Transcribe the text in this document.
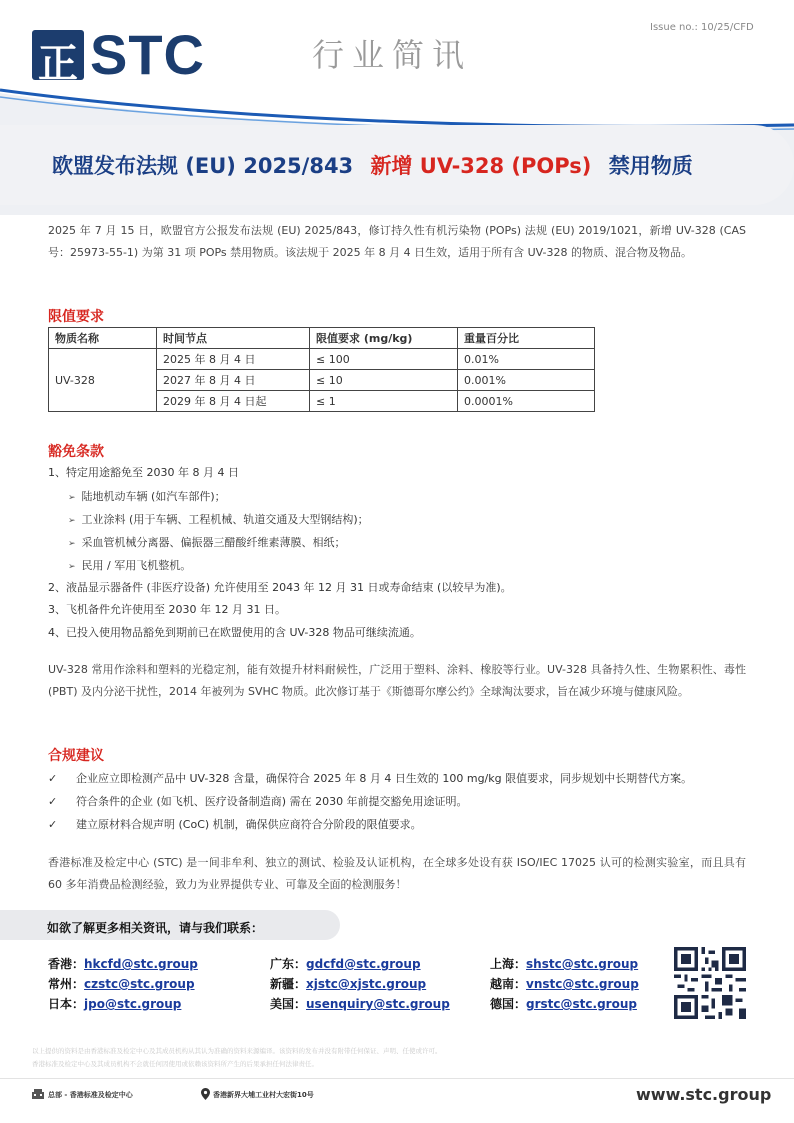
Issue no.: 10/25/CFD
正 STC	行业简讯
欧盟发布法规 (EU) 2025/843 新增 UV-328 (POPs) 禁用物质
2025 年 7 月 15 日，欧盟官方公报发布法规 (EU) 2025/843，修订持久性有机污染物 (POPs) 法规 (EU) 2019/1021，新增 UV-328 (CAS 号：25973-55-1) 为第 31 项 POPs 禁用物质。该法规于 2025 年 8 月 4 日生效，适用于所有含 UV-328 的物质、混合物及物品。
限值要求
物质名称	时间节点	限值要求 (mg/kg)	重量百分比
UV-328	2025 年 8 月 4 日	≤ 100	0.01%
	2027 年 8 月 4 日	≤ 10	0.001%
	2029 年 8 月 4 日起	≤ 1	0.0001%
豁免条款
1、特定用途豁免至 2030 年 8 月 4 日
➢ 陆地机动车辆 (如汽车部件)；
➢ 工业涂料 (用于车辆、工程机械、轨道交通及大型钢结构)；
➢ 采血管机械分离器、偏振器三醋酸纤维素薄膜、相纸；
➢ 民用 / 军用飞机整机。
2、液晶显示器备件 (非医疗设备) 允许使用至 2043 年 12 月 31 日或寿命结束 (以较早为准)。
3、飞机备件允许使用至 2030 年 12 月 31 日。
4、已投入使用物品豁免到期前已在欧盟使用的含 UV-328 物品可继续流通。
UV-328 常用作涂料和塑料的光稳定剂，能有效提升材料耐候性，广泛用于塑料、涂料、橡胶等行业。UV-328 具备持久性、生物累积性、毒性 (PBT) 及内分泌干扰性，2014 年被列为 SVHC 物质。此次修订基于《斯德哥尔摩公约》全球淘汰要求，旨在减少环境与健康风险。
合规建议
✓ 企业应立即检测产品中 UV-328 含量，确保符合 2025 年 8 月 4 日生效的 100 mg/kg 限值要求，同步规划中长期替代方案。
✓ 符合条件的企业 (如飞机、医疗设备制造商) 需在 2030 年前提交豁免用途证明。
✓ 建立原材料合规声明 (CoC) 机制，确保供应商符合分阶段的限值要求。
香港标准及检定中心 (STC) 是一间非牟利、独立的测试、检验及认证机构，在全球多处设有获 ISO/IEC 17025 认可的检测实验室，而且具有 60 多年消费品检测经验，致力为业界提供专业、可靠及全面的检测服务！
如欲了解更多相关资讯，请与我们联系：
香港：hkcfd@stc.group	广东：gdcfd@stc.group	上海：shstc@stc.group
常州：czstc@stc.group	新疆：xjstc@xjstc.group	越南：vnstc@stc.group
日本：jpo@stc.group	美国：usenquiry@stc.group	德国：grstc@stc.group
以上提供的资料是由香港标准及检定中心及其成员机构从其认为准确的资料来源编译。该资料的发布并没有附带任何保证、声明、任使或许可。
香港标准及检定中心及其成员机构不会就任何因使用或依赖该资料所产生的后果承担任何法律责任。
总部 - 香港标准及检定中心	香港新界大埔工业村大宏街10号	www.stc.group
